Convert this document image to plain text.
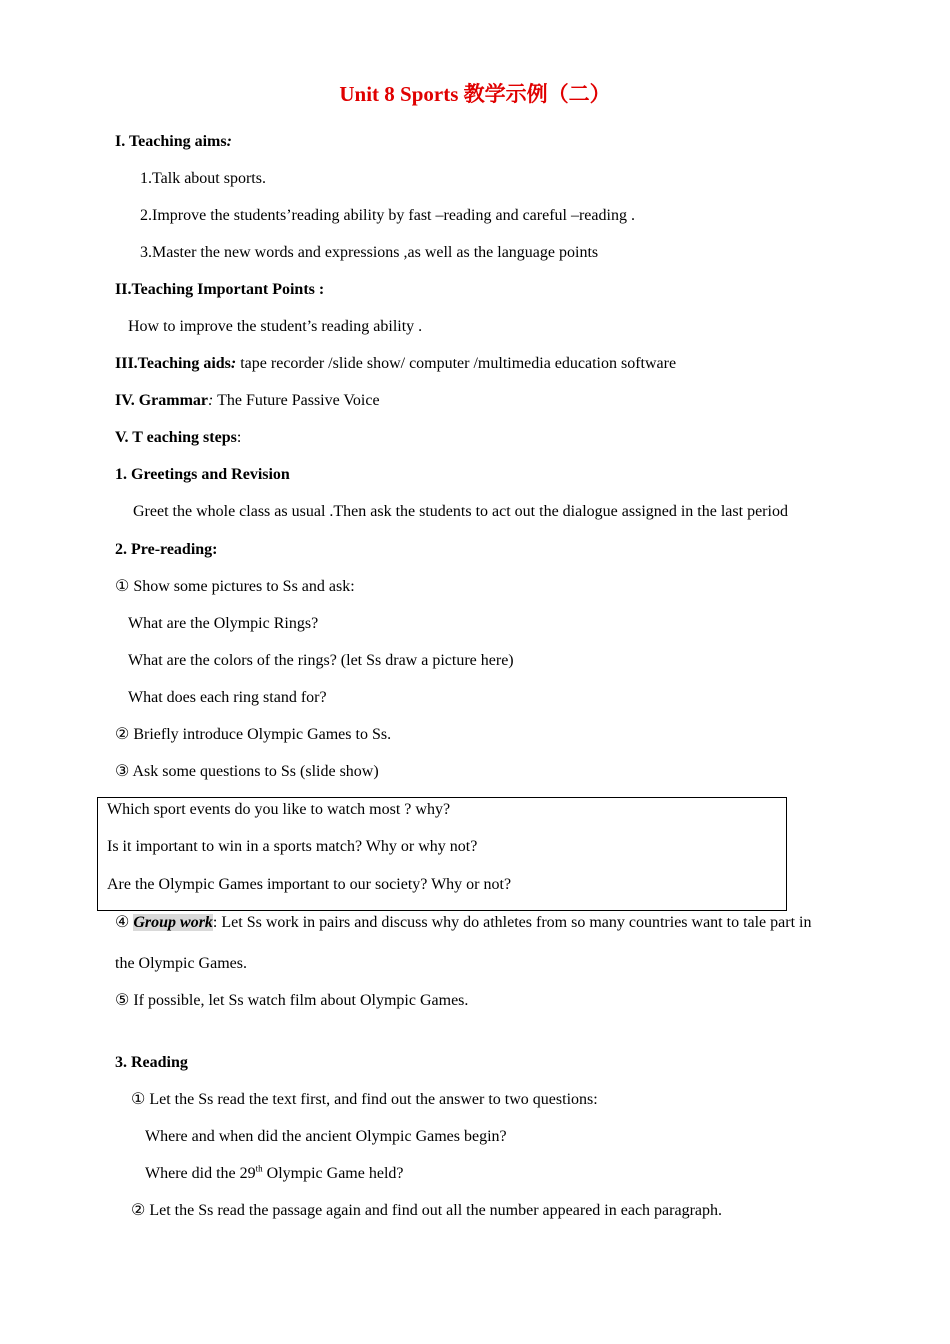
Unit 8 Sports 教学示例（二）
I. Teaching aims:
1.Talk about sports.
2.Improve the students’reading ability by fast –reading and careful –reading .
3.Master the new words and expressions ,as well as the language points
II.Teaching Important Points :
How to improve the student’s reading ability .
III.Teaching aids: tape recorder /slide show/ computer /multimedia education software
IV. Grammar: The Future Passive Voice
V. T eaching steps:
1. Greetings and Revision
Greet the whole class as usual .Then ask the students to act out the dialogue assigned in the last period
2. Pre-reading:
① Show some pictures to Ss and ask:
What are the Olympic Rings?
What are the colors of the rings? (let Ss draw a picture here)
What does each ring stand for?
② Briefly introduce Olympic Games to Ss.
③ Ask some questions to Ss (slide show)
Which sport events do you like to watch most ? why?
Is it important to win in a sports match? Why or why not?
Are the Olympic Games important to our society? Why or not?
④ Group work: Let Ss work in pairs and discuss why do athletes from so many countries want to tale part in
the Olympic Games.
⑤ If possible, let Ss watch film about Olympic Games.
3. Reading
① Let the Ss read the text first, and find out the answer to two questions:
Where and when did the ancient Olympic Games begin?
Where did the 29th Olympic Game held?
② Let the Ss read the passage again and find out all the number appeared in each paragraph.
